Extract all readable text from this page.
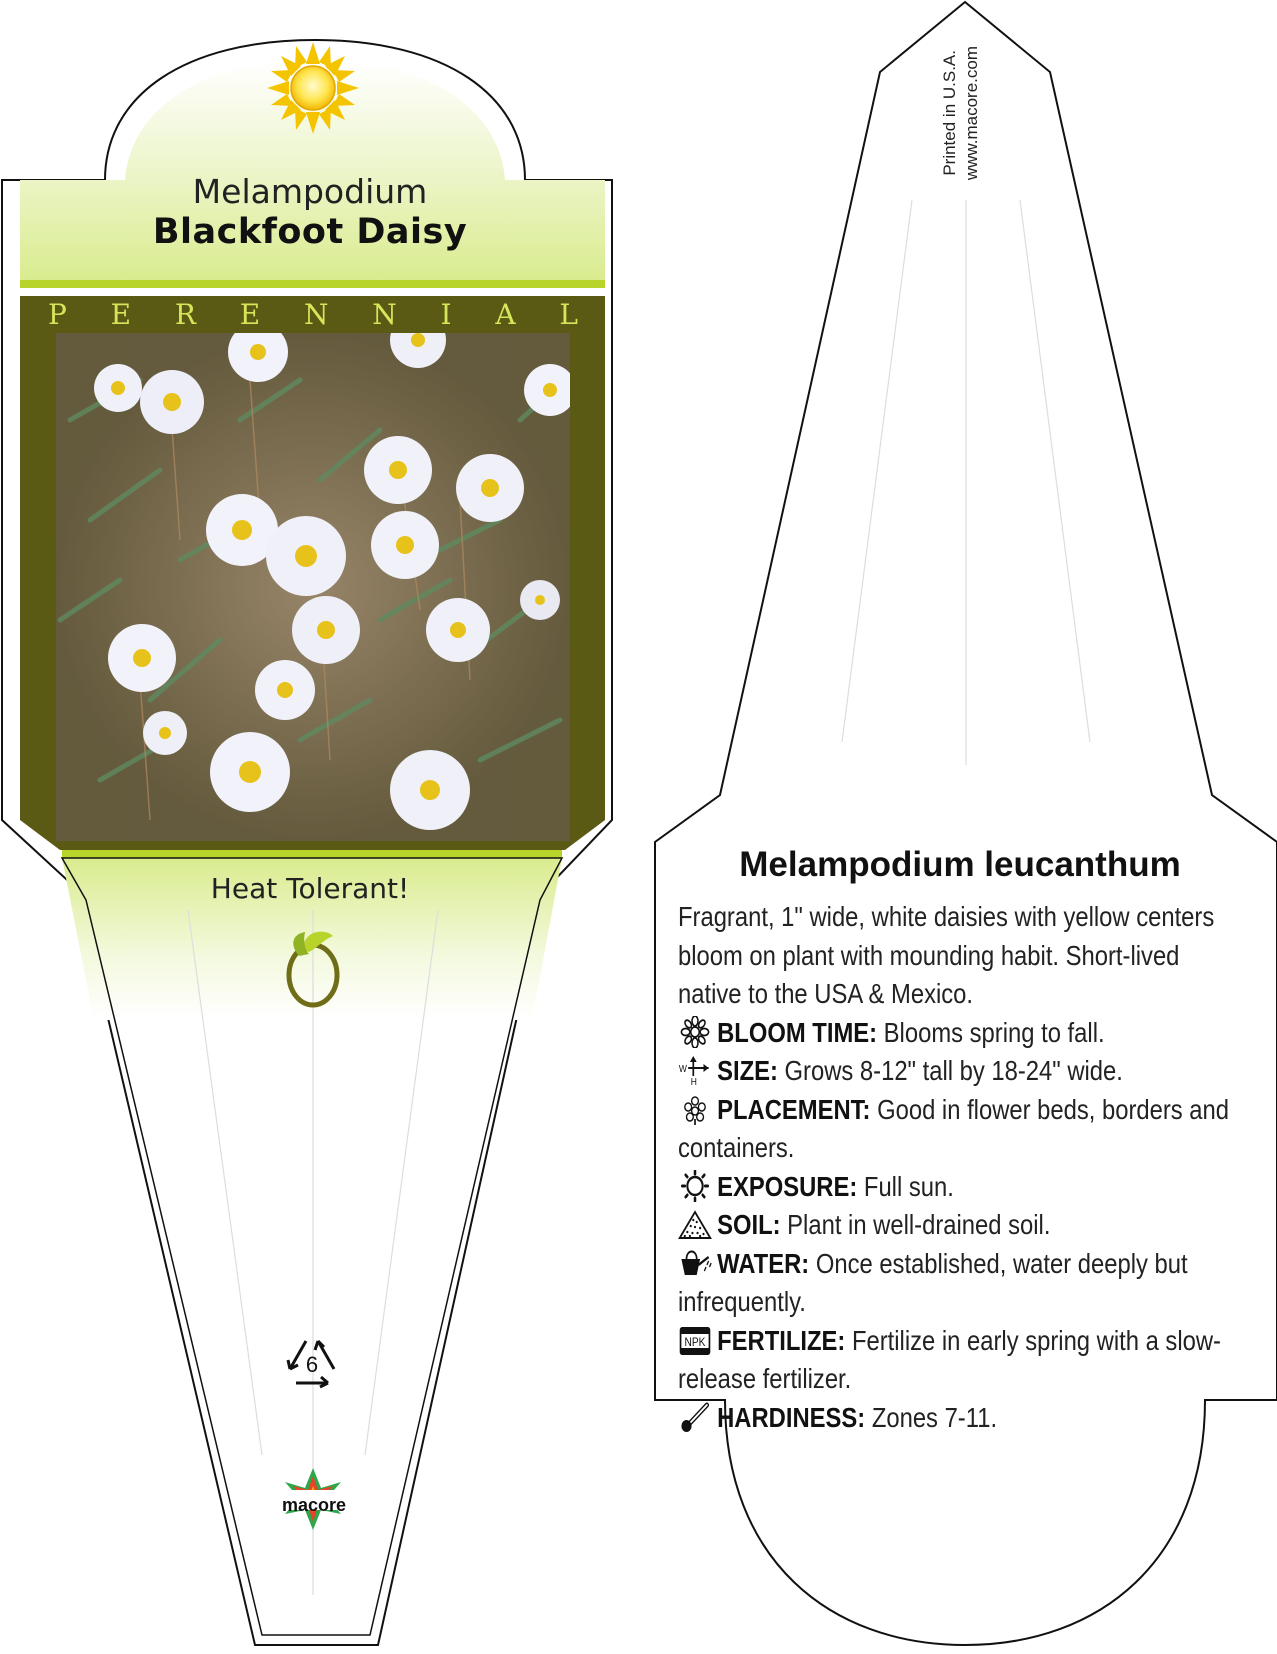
Melampodium
Blackfoot Daisy
P E R E N N I A L
Heat Tolerant!
6
macore
Printed in U.S.A. www.macore.com
Melampodium leucanthum

Fragrant, 1" wide, white daisies with yellow centers bloom on plant with mounding habit. Short-lived native to the USA & Mexico.

BLOOM TIME: Blooms spring to fall.
W
H SIZE: Grows 8-12" tall by 18-24" wide.
PLACEMENT: Good in flower beds, borders and containers.
EXPOSURE: Full sun.
SOIL: Plant in well-drained soil.
WATER: Once established, water deeply but infrequently.
NPK FERTILIZE: Fertilize in early spring with a slow-release fertilizer.
HARDINESS: Zones 7-11.
